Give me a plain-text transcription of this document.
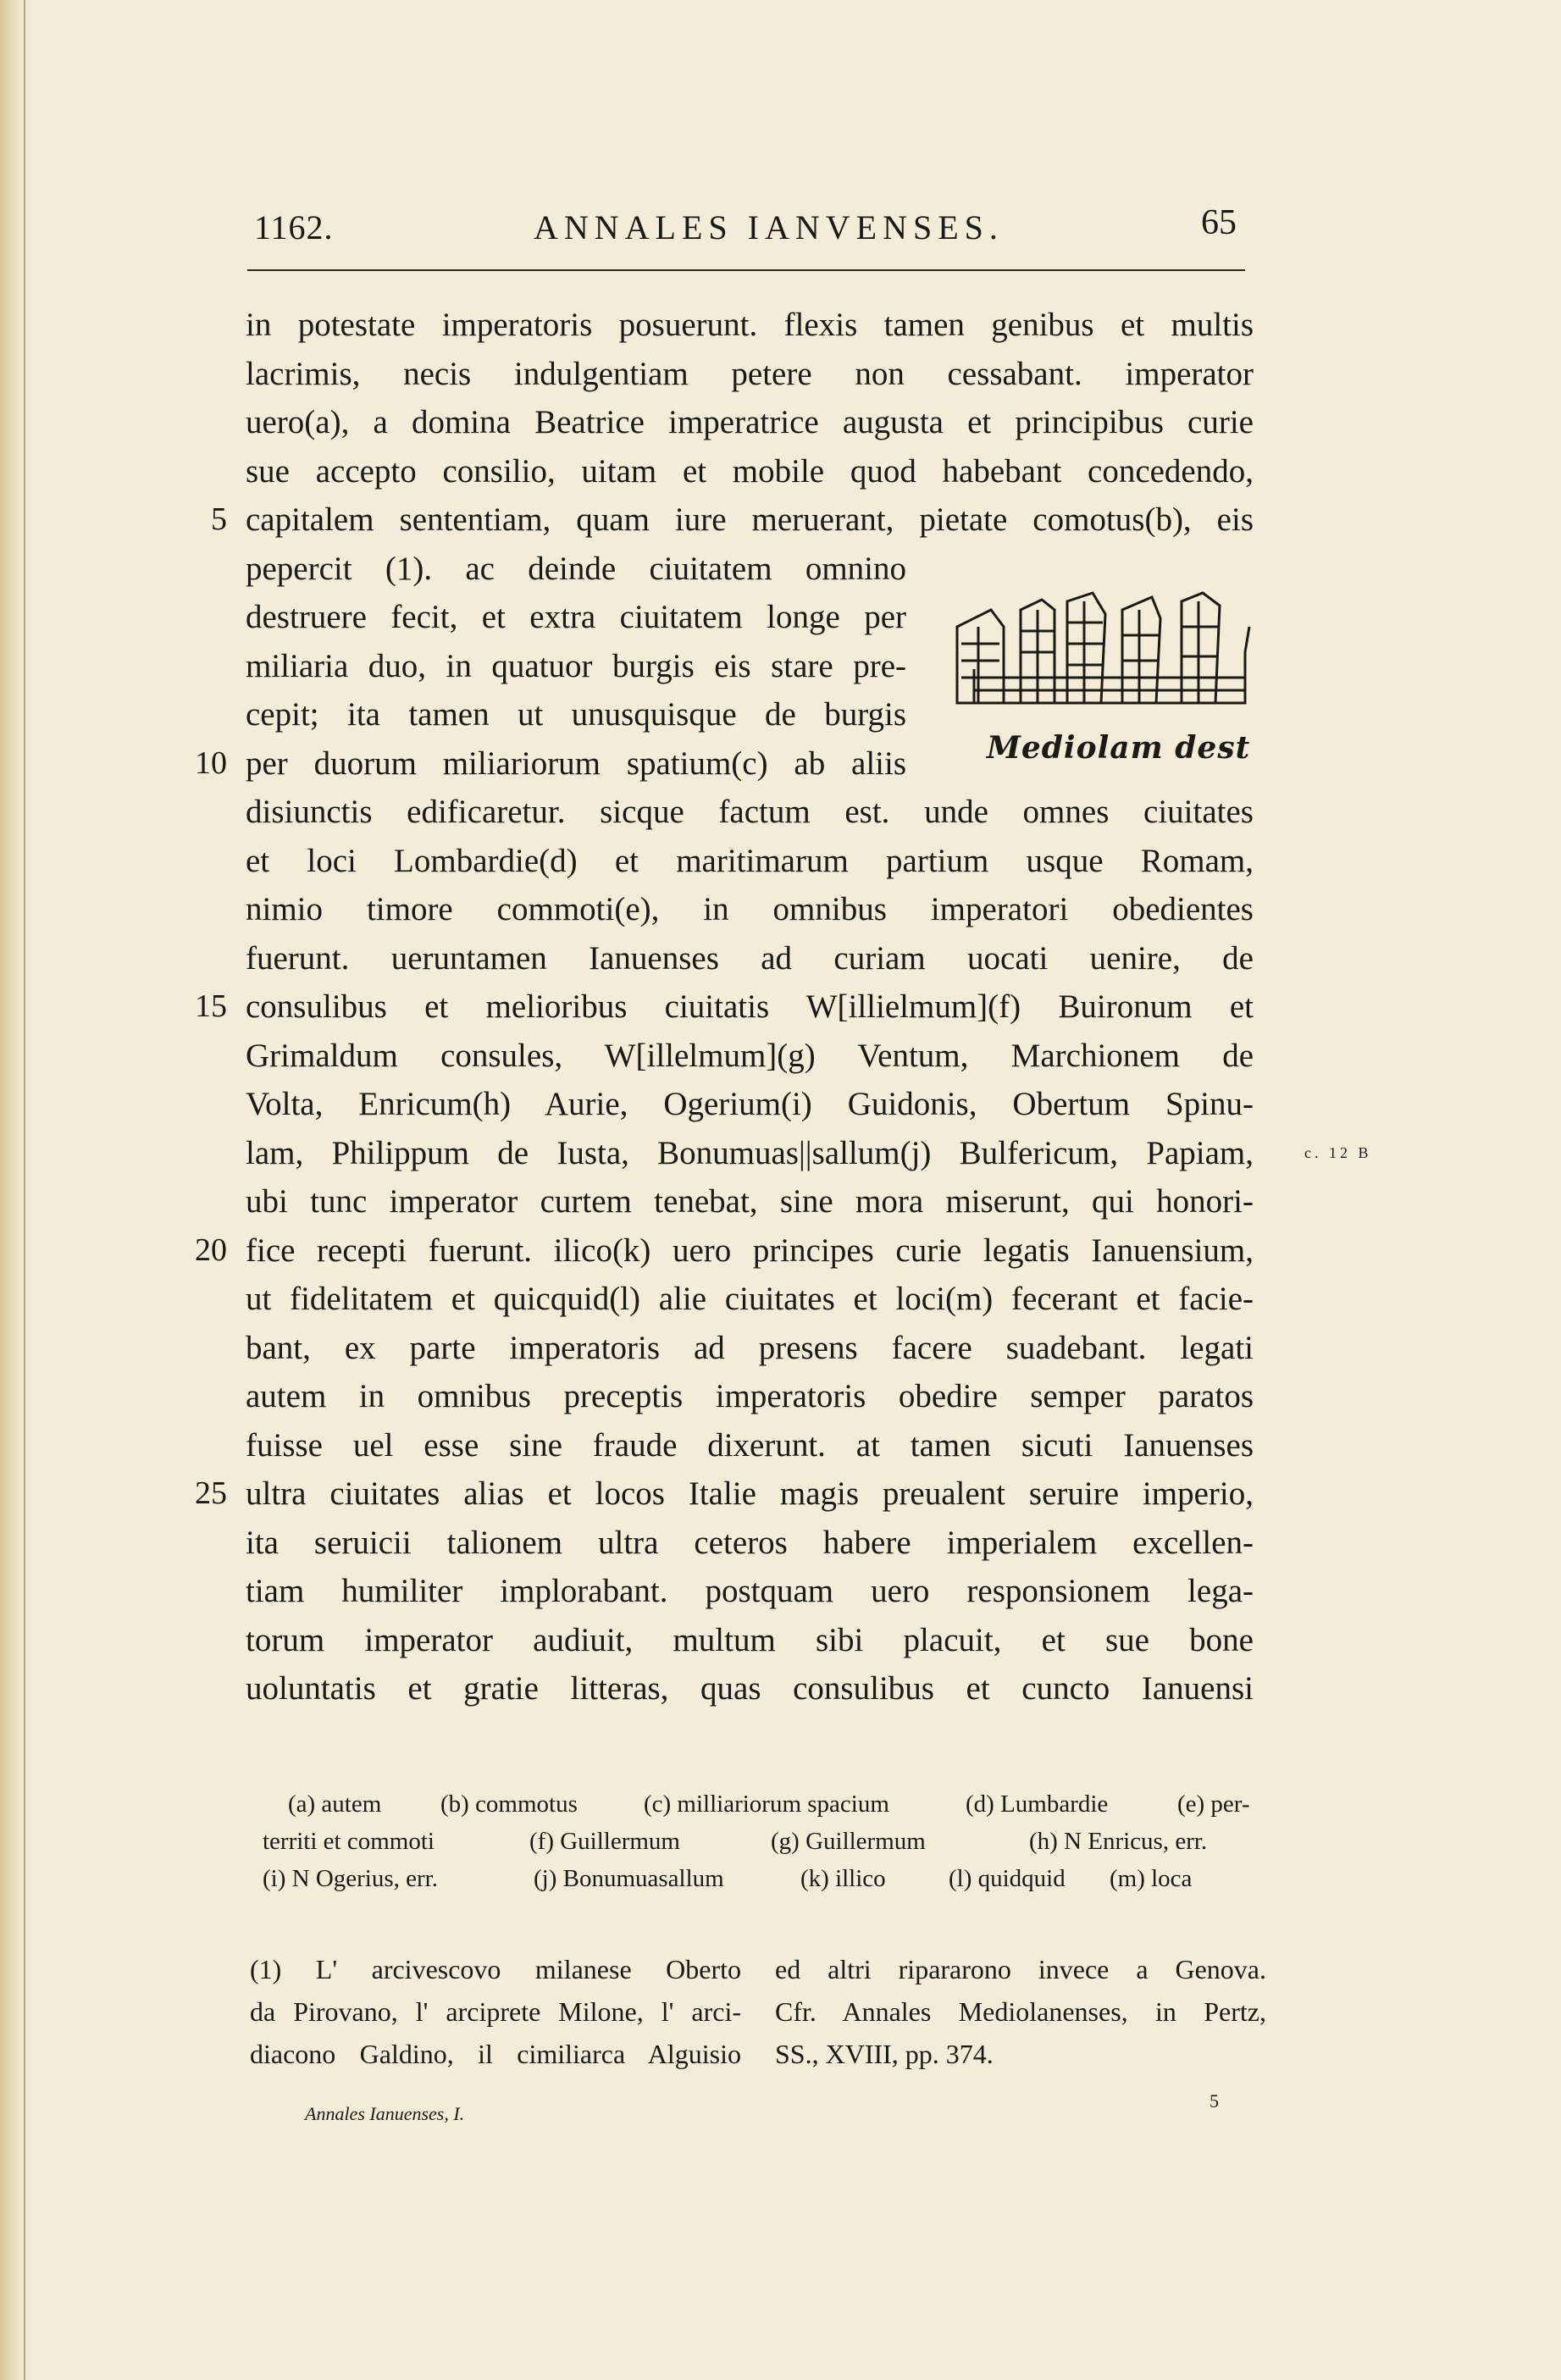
1162.	ANNALES IANVENSES.	65
in potestate imperatoris posuerunt. flexis tamen genibus et multis
lacrimis, necis indulgentiam petere non cessabant. imperator
uero(a), a domina Beatrice imperatrice augusta et principibus curie
sue accepto consilio, uitam et mobile quod habebant concedendo,
5 capitalem sententiam, quam iure meruerant, pietate comotus(b), eis
pepercit (1). ac deinde ciuitatem omnino
destruere fecit, et extra ciuitatem longe per
miliaria duo, in quatuor burgis eis stare pre-
cepit; ita tamen ut unusquisque de burgis
10 per duorum miliariorum spatium(c) ab aliis
disiunctis edificaretur. sicque factum est. unde omnes ciuitates
et loci Lombardie(d) et maritimarum partium usque Romam,
nimio timore commoti(e), in omnibus imperatori obedientes
fuerunt. ueruntamen Ianuenses ad curiam uocati uenire, de
15 consulibus et melioribus ciuitatis W[illielmum](f) Buironum et
Grimaldum consules, W[illelmum](g) Ventum, Marchionem de
Volta, Enricum(h) Aurie, Ogerium(i) Guidonis, Obertum Spinu-
lam, Philippum de Iusta, Bonumuas||sallum(j) Bulfericum, Papiam,	c. 12 B
ubi tunc imperator curtem tenebat, sine mora miserunt, qui honori-
20 fice recepti fuerunt. ilico(k) uero principes curie legatis Ianuensium,
ut fidelitatem et quicquid(l) alie ciuitates et loci(m) fecerant et facie-
bant, ex parte imperatoris ad presens facere suadebant. legati
autem in omnibus preceptis imperatoris obedire semper paratos
fuisse uel esse sine fraude dixerunt. at tamen sicuti Ianuenses
25 ultra ciuitates alias et locos Italie magis preualent seruire imperio,
ita seruicii talionem ultra ceteros habere imperialem excellen-
tiam humiliter implorabant. postquam uero responsionem lega-
torum imperator audiuit, multum sibi placuit, et sue bone
uoluntatis et gratie litteras, quas consulibus et cuncto Ianuensi
Mediolam dest
(a) autem (b) commotus	(c) milliariorum spacium	(d) Lumbardie	(e) per-
territi et commoti	(f) Guillermum	(g) Guillermum	(h) N Enricus, err.
(i) N Ogerius, err.	(j) Bonumuasallum	(k) illico	(l) quidquid (m) loca
(1) L' arcivescovo milanese Oberto
da Pirovano, l' arciprete Milone, l' arci-
diacono Galdino, il cimiliarca Alguisio
ed altri ripararono invece a Genova.
Cfr. Annales Mediolanenses, in Pertz,
SS., XVIII, pp. 374.
Annales Ianuenses, I.
5
